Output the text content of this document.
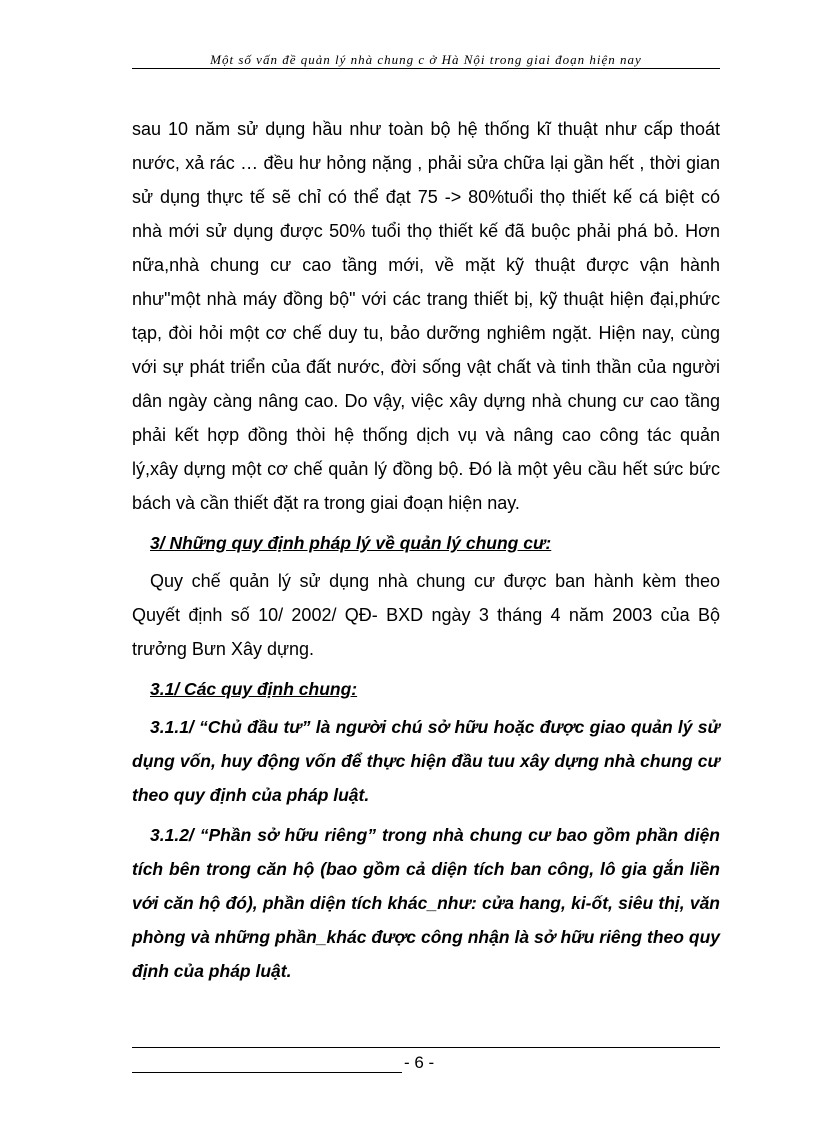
Một số vấn đề quản lý nhà chung c ở Hà Nội trong giai đoạn hiện nay

sau 10 năm sử dụng hầu như toàn bộ hệ thống kĩ thuật như cấp thoát nước, xả rác … đều hư hỏng nặng , phải sửa chữa lại gần hết , thời gian sử dụng thực tế sẽ chỉ có thể đạt 75 -> 80%tuổi thọ thiết kế cá biệt có nhà mới sử dụng được 50% tuổi thọ thiết kế đã buộc phải phá bỏ. Hơn nữa,nhà chung cư cao tầng mới, về mặt kỹ thuật được vận hành như"một nhà máy đồng bộ" với các trang thiết bị, kỹ thuật hiện đại,phức tạp, đòi hỏi một cơ chế duy tu, bảo dưỡng nghiêm ngặt. Hiện nay, cùng với sự phát triển của đất nước, đời sống vật chất và tinh thần của người dân ngày càng nâng cao. Do vậy, việc xây dựng nhà chung cư cao tầng phải kết hợp đồng thòi hệ thống dịch vụ và nâng cao công tác quản lý,xây dựng một cơ chế quản lý đồng bộ. Đó là một yêu cầu hết sức bức bách và cần thiết đặt ra trong giai đoạn hiện nay.

3/ Những quy định pháp lý về quản lý chung cư:

Quy chế quản lý sử dụng nhà chung cư được ban hành kèm theo Quyết định số 10/ 2002/ QĐ- BXD ngày 3 tháng 4 năm 2003 của Bộ trưởng Bưn Xây dựng.

3.1/ Các quy định chung:

3.1.1/ “Chủ đầu tư” là người chú sở hữu hoặc được giao quản lý sử dụng vốn, huy động vốn để thực hiện đầu tuu xây dựng nhà chung cư theo quy định của pháp luật.

3.1.2/ “Phần sở hữu riêng” trong nhà chung cư bao gồm phần diện tích bên trong căn hộ (bao gồm cả diện tích ban công, lô gia gắn liền với căn hộ đó), phần diện tích khác_như: cửa hang, ki-ốt, siêu thị, văn phòng và những phần_khác được công nhận là sở hữu riêng theo quy định của pháp luật.

- 6 -
